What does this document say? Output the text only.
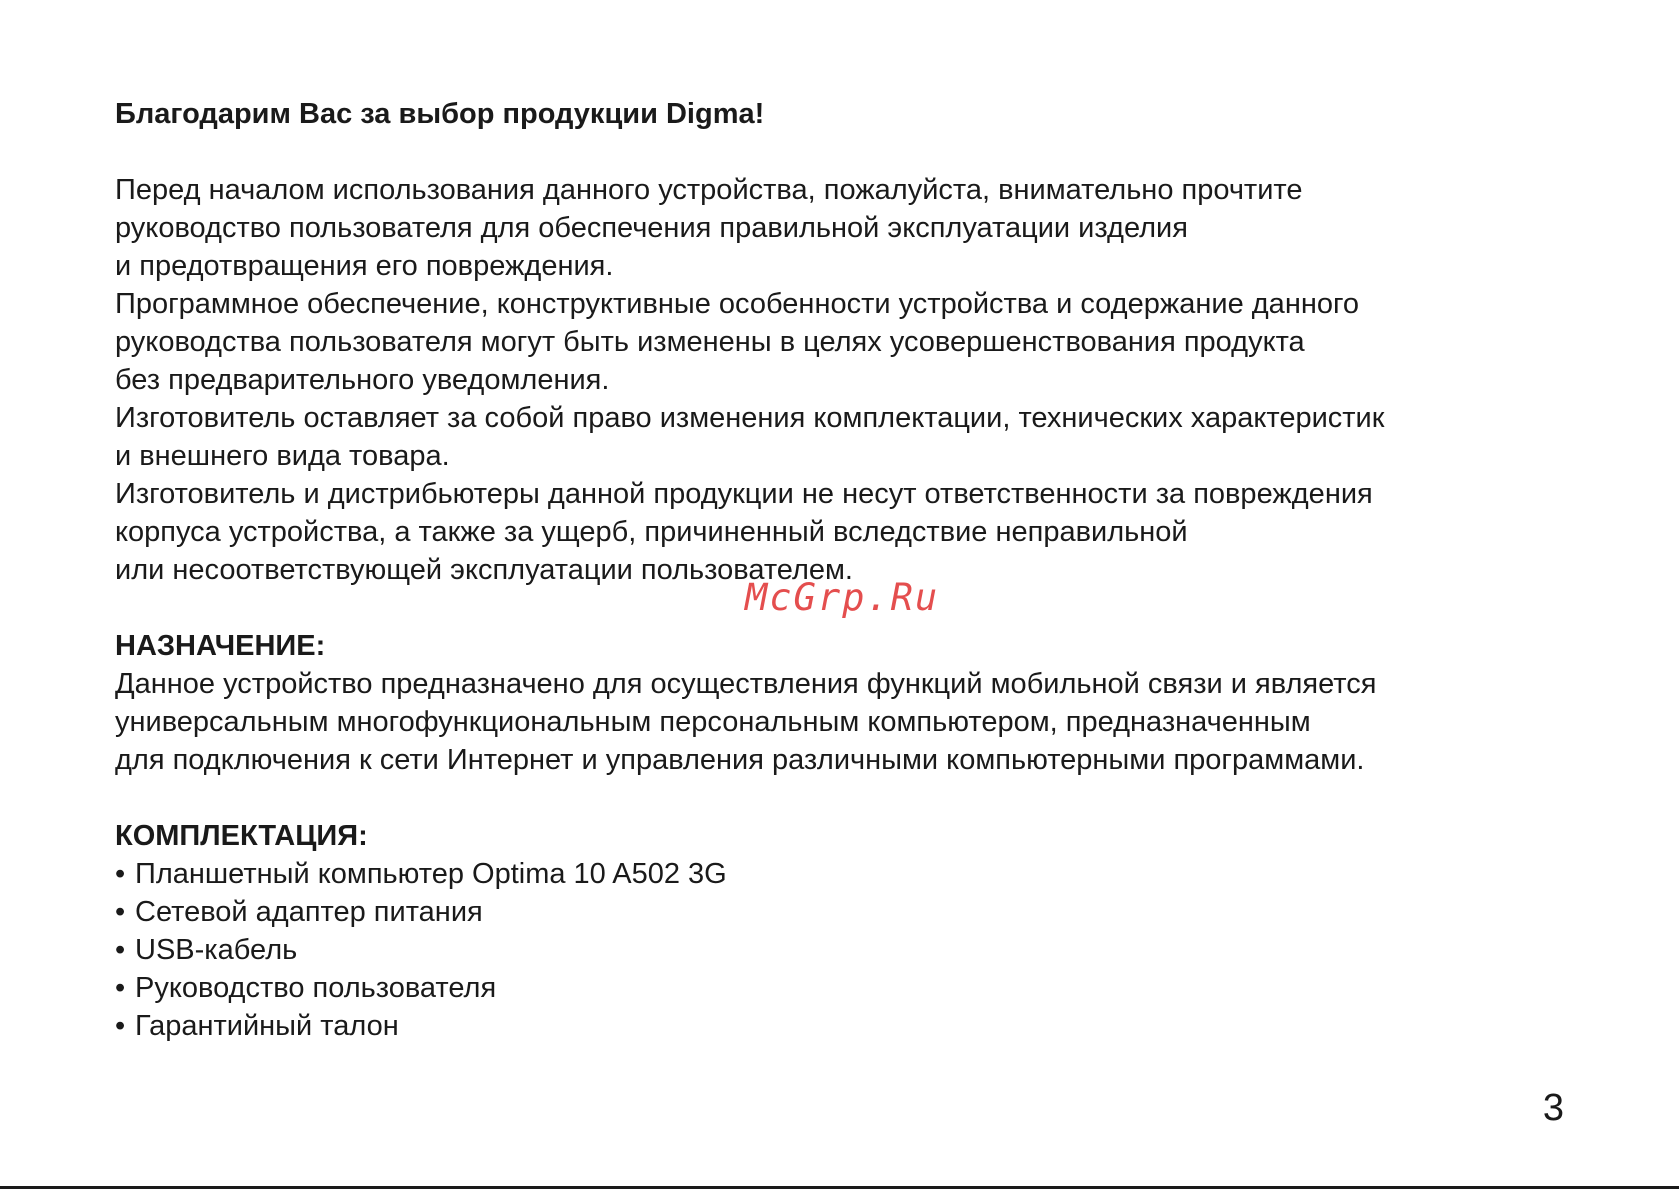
Благодарим Вас за выбор продукции Digma!

Перед началом использования данного устройства, пожалуйста, внимательно прочтите

руководство пользователя для обеспечения правильной эксплуатации изделия

и предотвращения его повреждения.

Программное обеспечение, конструктивные особенности устройства и содержание данного

руководства пользователя могут быть изменены в целях усовершенствования продукта

без предварительного уведомления.

Изготовитель оставляет за собой право изменения комплектации, технических характеристик

и внешнего вида товара.

Изготовитель и дистрибьютеры данной продукции не несут ответственности за повреждения

корпуса устройства, а также за ущерб, причиненный вследствие неправильной

или несоответствующей эксплуатации пользователем.

НАЗНАЧЕНИЕ:

Данное устройство предназначено для осуществления функций мобильной связи и является

универсальным многофункциональным персональным компьютером, предназначенным

для подключения к сети Интернет и управления различными компьютерными программами.

КОМПЛЕКТАЦИЯ:
• Планшетный компьютер Optima 10 A502 3G
• Сетевой адаптер питания
• USB-кабель
• Руководство пользователя
• Гарантийный талон
McGrp.Ru
3
